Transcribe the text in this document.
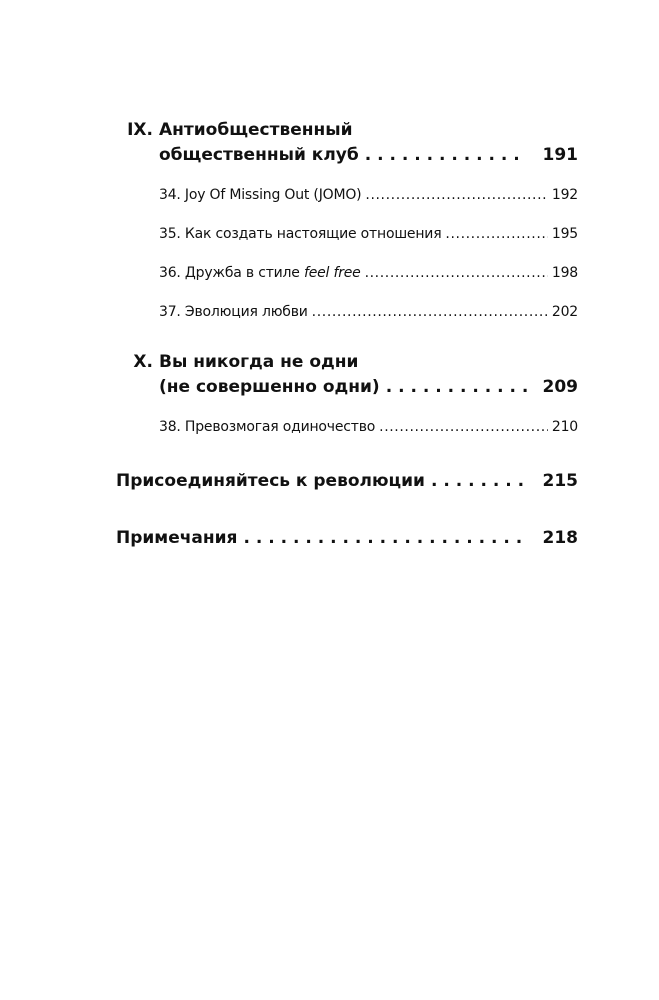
IX. Антиобщественный
общественный клуб . . .	191
34. Joy Of Missing Out (JOMO) .....	192
35. Как создать настоящие отношения .....	195
36. Дружба в стиле feel free .....	198
37. Эволюция любви .....	202
X. Вы никогда не одни
(не совершенно одни) . . .	209
38. Превозмогая одиночество .....	210
Присоединяйтесь к революции . . .	215
Примечания . . .	218
